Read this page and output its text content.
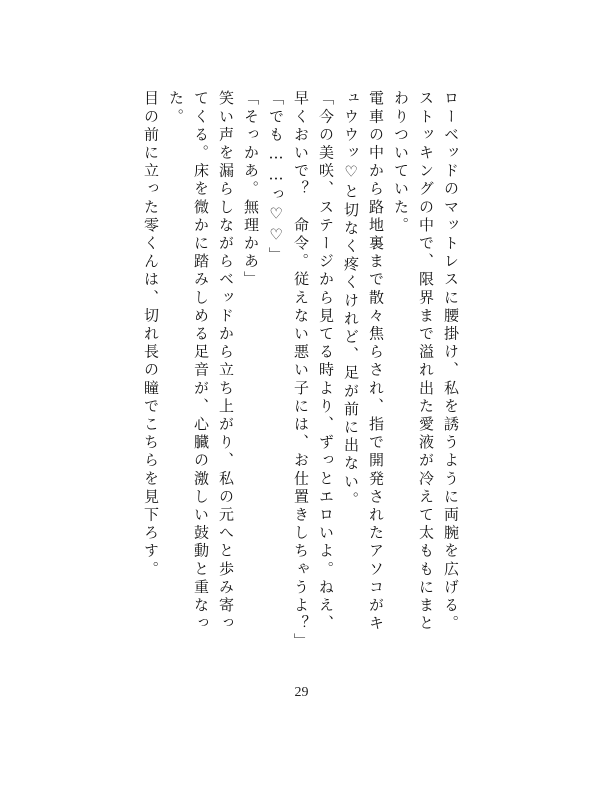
ローベッドのマットレスに腰掛け、私を誘うように両腕を広げる。

ストッキングの中で、限界まで溢れ出た愛液が冷えて太ももにまとわりついていた。

電車の中から路地裏まで散々焦らされ、指で開発されたアソコがキュウウッ♡と切なく疼くけれど、足が前に出ない。

「今の美咲、ステージから見てる時より、ずっとエロいよ。ねえ、早くおいで？　命令。従えない悪い子には、お仕置きしちゃうよ？」

「でも……っ♡♡」

「そっかあ。無理かあ」

笑い声を漏らしながらベッドから立ち上がり、私の元へと歩み寄ってくる。床を微かに踏みしめる足音が、心臓の激しい鼓動と重なった。

目の前に立った零くんは、切れ長の瞳でこちらを見下ろす。

29
